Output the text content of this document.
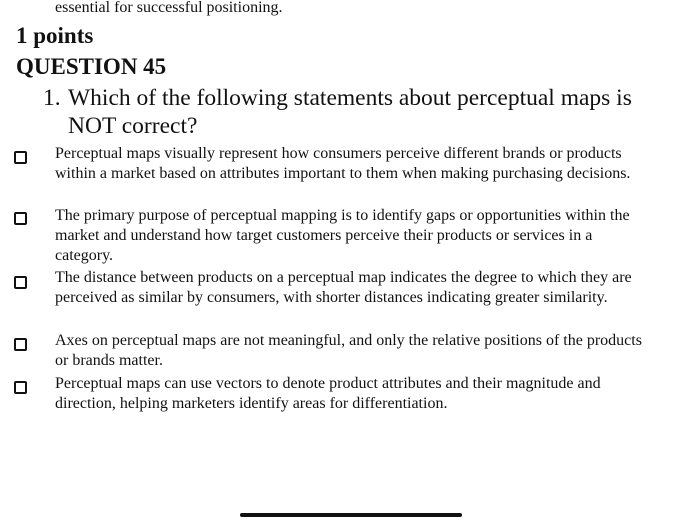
essential for successful positioning.
1 points
QUESTION 45
1. Which of the following statements about perceptual maps is
NOT correct?
Perceptual maps visually represent how consumers perceive different brands or products within a market based on attributes important to them when making purchasing decisions.
The primary purpose of perceptual mapping is to identify gaps or opportunities within the market and understand how target customers perceive their products or services in a category.
The distance between products on a perceptual map indicates the degree to which they are perceived as similar by consumers, with shorter distances indicating greater similarity.
Axes on perceptual maps are not meaningful, and only the relative positions of the products or brands matter.
Perceptual maps can use vectors to denote product attributes and their magnitude and direction, helping marketers identify areas for differentiation.
